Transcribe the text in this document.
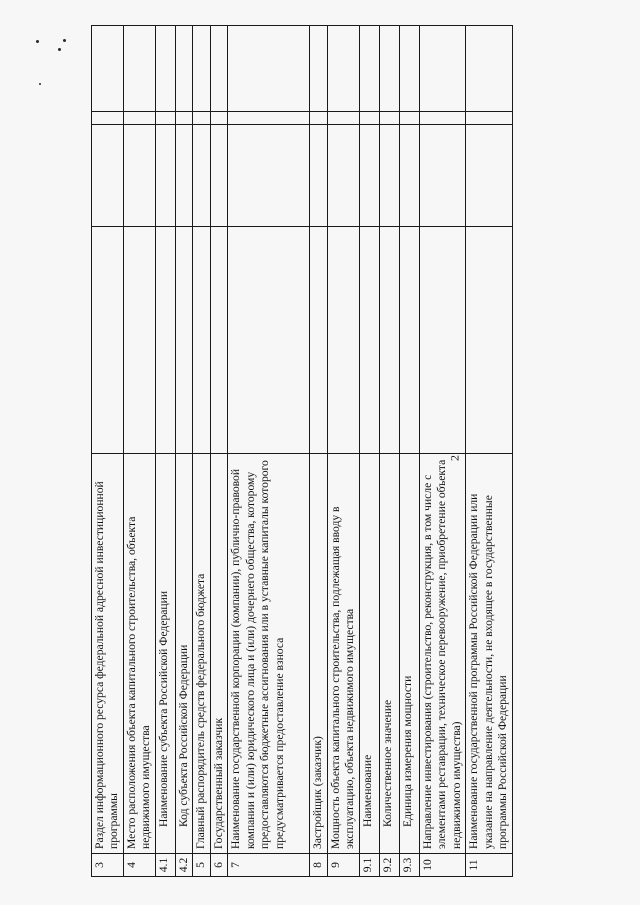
2
3	Раздел информационного ресурса федеральной адресной инвестиционной программы				
4	Место расположения объекта капитального строительства, объекта недвижимого имущества				
4.1	Наименование субъекта Российской Федерации				
4.2	Код субъекта Российской Федерации				
5	Главный распорядитель средств федерального бюджета				
6	Государственный заказчик				
7	Наименование государственной корпорации (компании), публично-правовой компании и (или) юридического лица и (или) дочернего общества, которому предоставляются бюджетные ассигнования или в уставные капиталы которого предусматривается предоставление взноса				
8	Застройщик (заказчик)				
9	Мощность объекта капитального строительства, подлежащая вводу в эксплуатацию, объекта недвижимого имущества				
9.1	Наименование				
9.2	Количественное значение				
9.3	Единица измерения мощности				
10	Направление инвестирования (строительство, реконструкция, в том числе с элементами реставрации, техническое перевооружение, приобретение объекта недвижимого имущества)				
11	Наименование государственной программы Российской Федерации или указание на направление деятельности, не входящее в государственные программы Российской Федерации				
